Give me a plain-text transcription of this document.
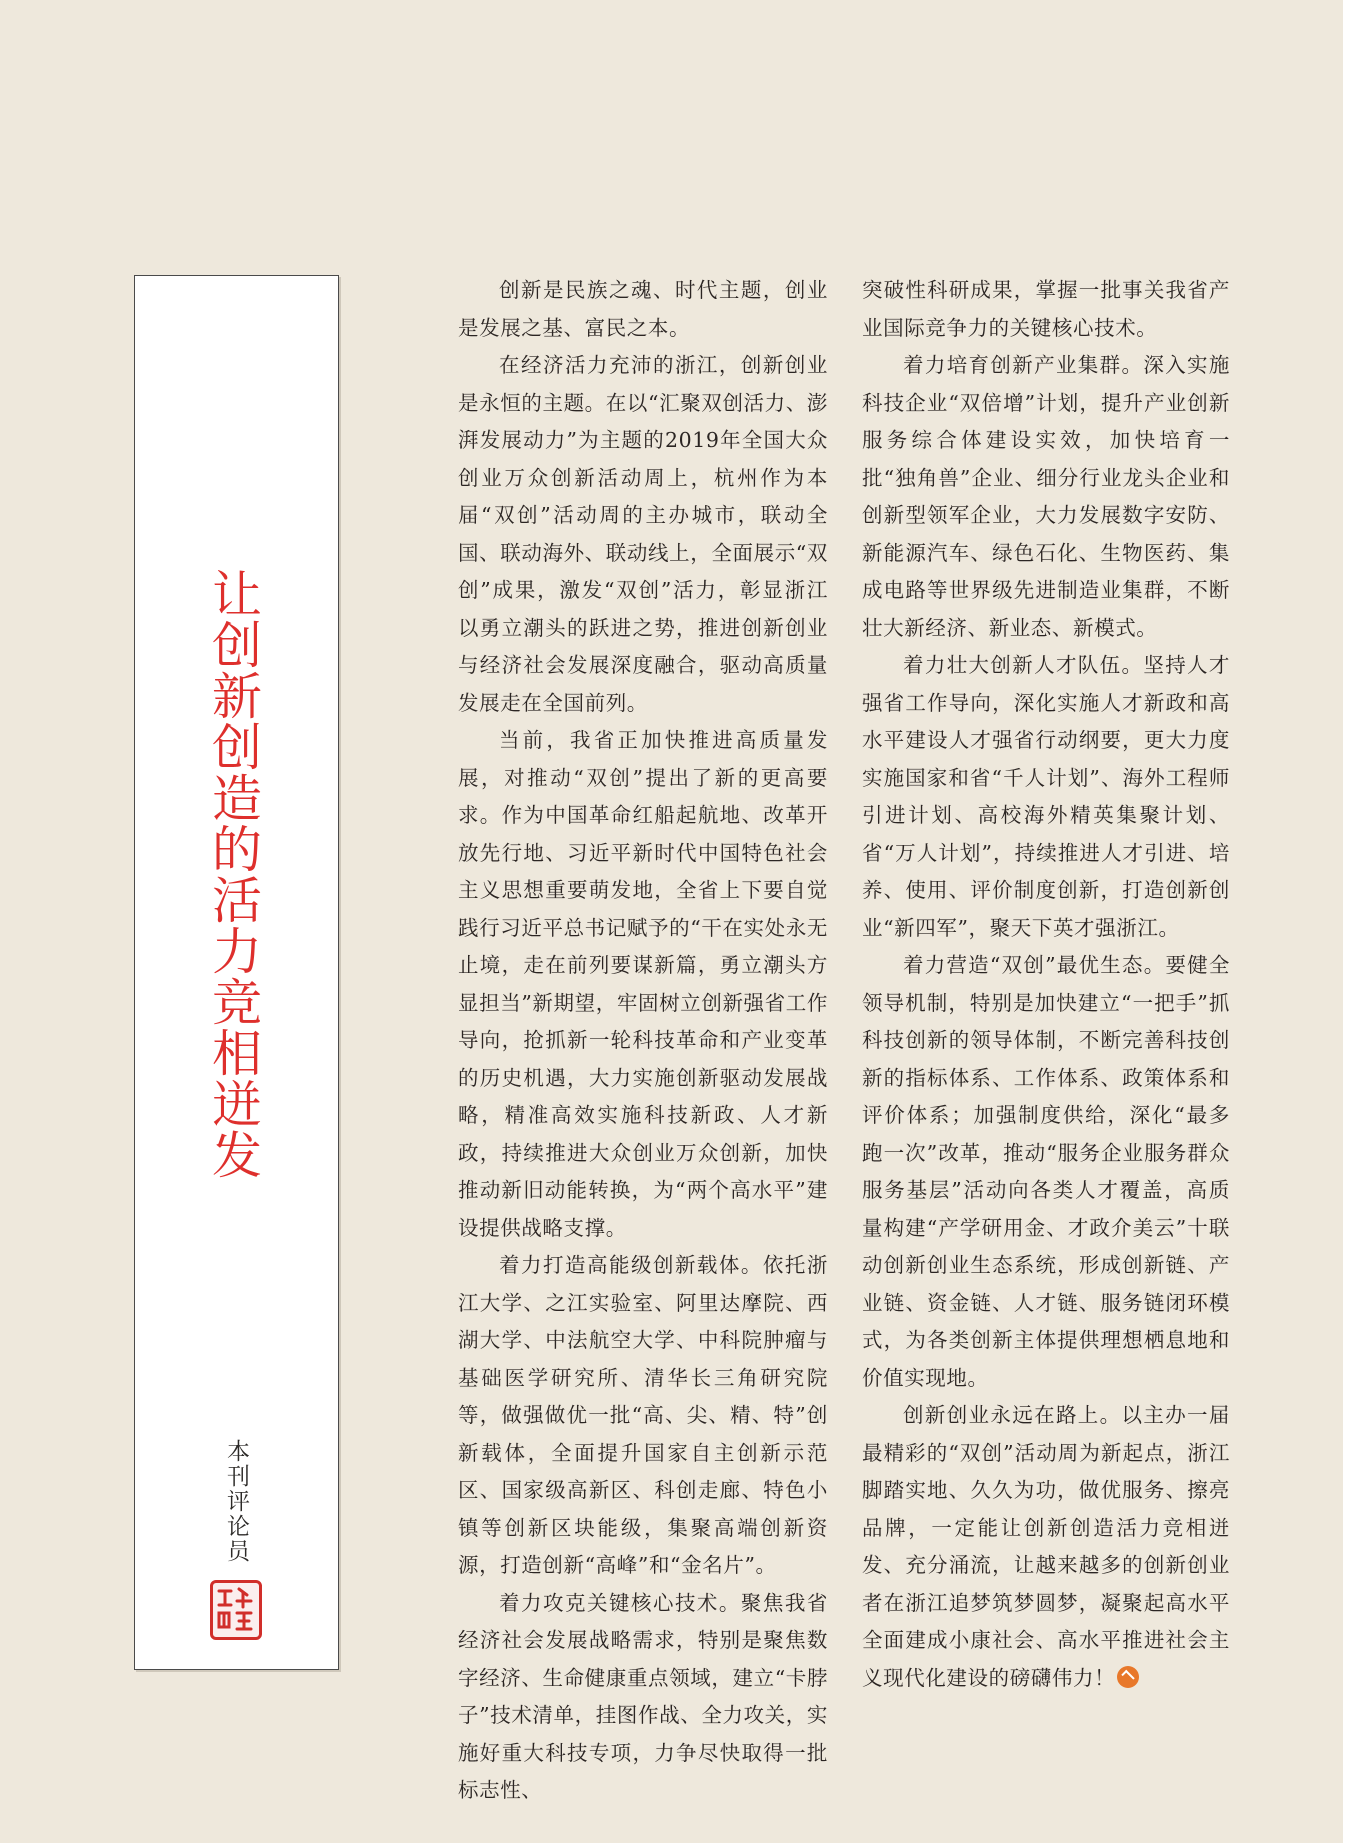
让创新创造的活力竞相迸发
本刊评论员

创新是民族之魂、时代主题，创业是发展之基、富民之本。

在经济活力充沛的浙江，创新创业是永恒的主题。在以“汇聚双创活力、澎湃发展动力”为主题的2019年全国大众创业万众创新活动周上，杭州作为本届“双创”活动周的主办城市，联动全国、联动海外、联动线上，全面展示“双创”成果，激发“双创”活力，彰显浙江以勇立潮头的跃进之势，推进创新创业与经济社会发展深度融合，驱动高质量发展走在全国前列。

当前，我省正加快推进高质量发展，对推动“双创”提出了新的更高要求。作为中国革命红船起航地、改革开放先行地、习近平新时代中国特色社会主义思想重要萌发地，全省上下要自觉践行习近平总书记赋予的“干在实处永无止境，走在前列要谋新篇，勇立潮头方显担当”新期望，牢固树立创新强省工作导向，抢抓新一轮科技革命和产业变革的历史机遇，大力实施创新驱动发展战略，精准高效实施科技新政、人才新政，持续推进大众创业万众创新，加快推动新旧动能转换，为“两个高水平”建设提供战略支撑。

着力打造高能级创新载体。依托浙江大学、之江实验室、阿里达摩院、西湖大学、中法航空大学、中科院肿瘤与基础医学研究所、清华长三角研究院等，做强做优一批“高、尖、精、特”创新载体，全面提升国家自主创新示范区、国家级高新区、科创走廊、特色小镇等创新区块能级，集聚高端创新资源，打造创新“高峰”和“金名片”。

着力攻克关键核心技术。聚焦我省经济社会发展战略需求，特别是聚焦数字经济、生命健康重点领域，建立“卡脖子”技术清单，挂图作战、全力攻关，实施好重大科技专项，力争尽快取得一批标志性、

突破性科研成果，掌握一批事关我省产业国际竞争力的关键核心技术。

着力培育创新产业集群。深入实施科技企业“双倍增”计划，提升产业创新服务综合体建设实效，加快培育一批“独角兽”企业、细分行业龙头企业和创新型领军企业，大力发展数字安防、新能源汽车、绿色石化、生物医药、集成电路等世界级先进制造业集群，不断壮大新经济、新业态、新模式。

着力壮大创新人才队伍。坚持人才强省工作导向，深化实施人才新政和高水平建设人才强省行动纲要，更大力度实施国家和省“千人计划”、海外工程师引进计划、高校海外精英集聚计划、省“万人计划”，持续推进人才引进、培养、使用、评价制度创新，打造创新创业“新四军”，聚天下英才强浙江。

着力营造“双创”最优生态。要健全领导机制，特别是加快建立“一把手”抓科技创新的领导体制，不断完善科技创新的指标体系、工作体系、政策体系和评价体系；加强制度供给，深化“最多跑一次”改革，推动“服务企业服务群众服务基层”活动向各类人才覆盖，高质量构建“产学研用金、才政介美云”十联动创新创业生态系统，形成创新链、产业链、资金链、人才链、服务链闭环模式，为各类创新主体提供理想栖息地和价值实现地。

创新创业永远在路上。以主办一届最精彩的“双创”活动周为新起点，浙江脚踏实地、久久为功，做优服务、擦亮品牌，一定能让创新创造活力竞相迸发、充分涌流，让越来越多的创新创业者在浙江追梦筑梦圆梦，凝聚起高水平全面建成小康社会、高水平推进社会主义现代化建设的磅礴伟力！
